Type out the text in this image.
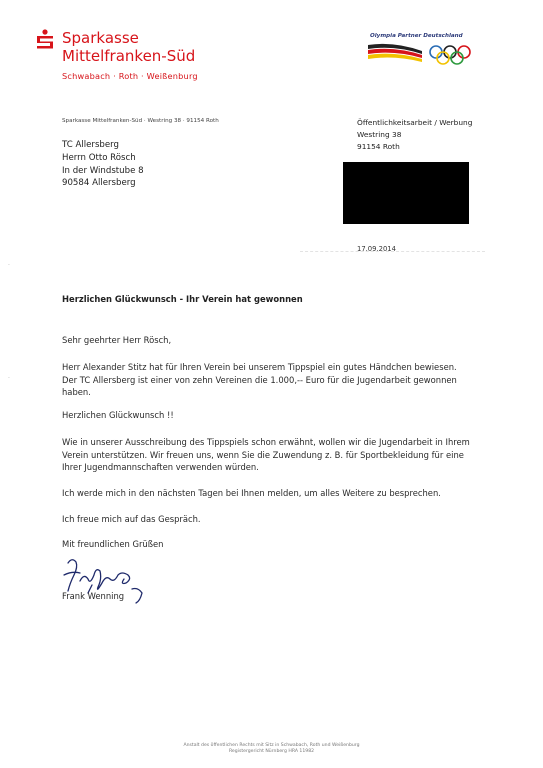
Sparkasse
Mittelfranken-Süd
Schwabach · Roth · Weißenburg
Olympia Partner Deutschland
Sparkasse Mittelfranken-Süd · Westring 38 · 91154 Roth
TC Allersberg
Herrn Otto Rösch
In der Windstube 8
90584 Allersberg
Öffentlichkeitsarbeit / Werbung
Westring 38
91154 Roth
17.09.2014
·
·
Herzlichen Glückwunsch - Ihr Verein hat gewonnen
Sehr geehrter Herr Rösch,
Herr Alexander Stitz hat für Ihren Verein bei unserem Tippspiel ein gutes Händchen bewiesen.
Der TC Allersberg ist einer von zehn Vereinen die 1.000,-- Euro für die Jugendarbeit gewonnen
haben.
Herzlichen Glückwunsch !!
Wie in unserer Ausschreibung des Tippspiels schon erwähnt, wollen wir die Jugendarbeit in Ihrem
Verein unterstützen. Wir freuen uns, wenn Sie die Zuwendung z. B. für Sportbekleidung für eine
Ihrer Jugendmannschaften verwenden würden.
Ich werde mich in den nächsten Tagen bei Ihnen melden, um alles Weitere zu besprechen.
Ich freue mich auf das Gespräch.
Mit freundlichen Grüßen
Frank Wenning
Anstalt des öffentlichen Rechts mit Sitz in Schwabach, Roth und Weißenburg
Registergericht Nürnberg HRA 11982
